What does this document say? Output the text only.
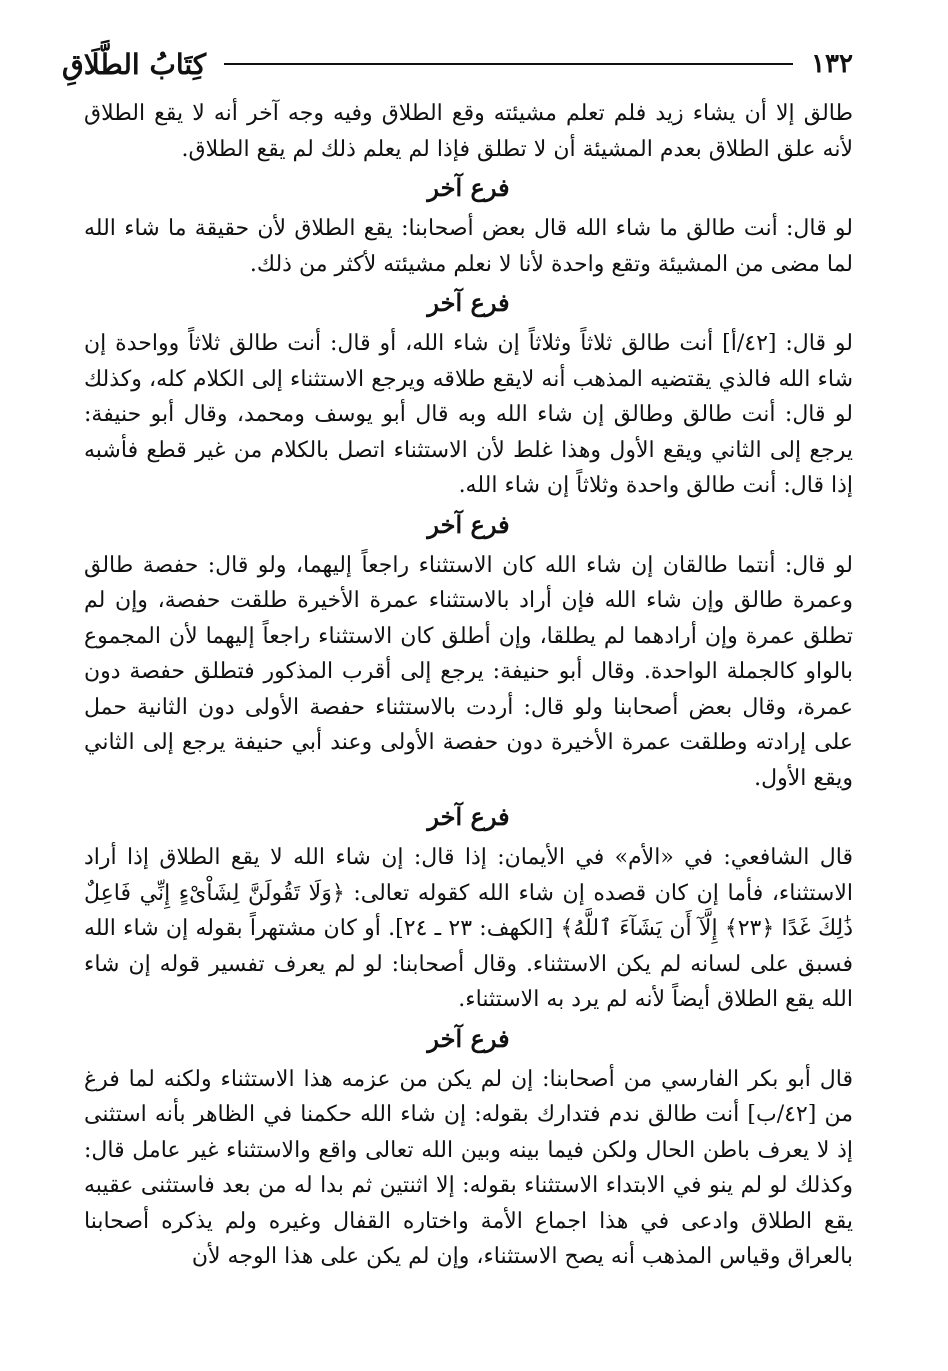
١٣٢
كِتَابُ الطَّلَاقِ

طالق إلا أن يشاء زيد فلم تعلم مشيئته وقع الطلاق وفيه وجه آخر أنه لا يقع الطلاق لأنه علق الطلاق بعدم المشيئة أن لا تطلق فإذا لم يعلم ذلك لم يقع الطلاق.

فرع آخر

لو قال: أنت طالق ما شاء الله قال بعض أصحابنا: يقع الطلاق لأن حقيقة ما شاء الله لما مضى من المشيئة وتقع واحدة لأنا لا نعلم مشيئته لأكثر من ذلك.

فرع آخر

لو قال: [٤٢/أ] أنت طالق ثلاثاً وثلاثاً إن شاء الله، أو قال: أنت طالق ثلاثاً وواحدة إن شاء الله فالذي يقتضيه المذهب أنه لايقع طلاقه ويرجع الاستثناء إلى الكلام كله، وكذلك لو قال: أنت طالق وطالق إن شاء الله وبه قال أبو يوسف ومحمد، وقال أبو حنيفة: يرجع إلى الثاني ويقع الأول وهذا غلط لأن الاستثناء اتصل بالكلام من غير قطع فأشبه إذا قال: أنت طالق واحدة وثلاثاً إن شاء الله.

فرع آخر

لو قال: أنتما طالقان إن شاء الله كان الاستثناء راجعاً إليهما، ولو قال: حفصة طالق وعمرة طالق وإن شاء الله فإن أراد بالاستثناء عمرة الأخيرة طلقت حفصة، وإن لم تطلق عمرة وإن أرادهما لم يطلقا، وإن أطلق كان الاستثناء راجعاً إليهما لأن المجموع بالواو كالجملة الواحدة. وقال أبو حنيفة: يرجع إلى أقرب المذكور فتطلق حفصة دون عمرة، وقال بعض أصحابنا ولو قال: أردت بالاستثناء حفصة الأولى دون الثانية حمل على إرادته وطلقت عمرة الأخيرة دون حفصة الأولى وعند أبي حنيفة يرجع إلى الثاني ويقع الأول.

فرع آخر

قال الشافعي: في «الأم» في الأيمان: إذا قال: إن شاء الله لا يقع الطلاق إذا أراد الاستثناء، فأما إن كان قصده إن شاء الله كقوله تعالى: ﴿وَلَا تَقُولَنَّ لِشَاْىْءٍ إِنِّي فَاعِلٌ ذَٰلِكَ غَدًا ﴿٢٣﴾ إِلَّآ أَن يَشَآءَ ٱللَّهُ﴾ [الكهف: ٢٣ ـ ٢٤]. أو كان مشتهراً بقوله إن شاء الله فسبق على لسانه لم يكن الاستثناء. وقال أصحابنا: لو لم يعرف تفسير قوله إن شاء الله يقع الطلاق أيضاً لأنه لم يرد به الاستثناء.

فرع آخر

قال أبو بكر الفارسي من أصحابنا: إن لم يكن من عزمه هذا الاستثناء ولكنه لما فرغ من [٤٢/ب] أنت طالق ندم فتدارك بقوله: إن شاء الله حكمنا في الظاهر بأنه استثنى إذ لا يعرف باطن الحال ولكن فيما بينه وبين الله تعالى واقع والاستثناء غير عامل قال: وكذلك لو لم ينو في الابتداء الاستثناء بقوله: إلا اثنتين ثم بدا له من بعد فاستثنى عقيبه يقع الطلاق وادعى في هذا اجماع الأمة واختاره القفال وغيره ولم يذكره أصحابنا بالعراق وقياس المذهب أنه يصح الاستثناء، وإن لم يكن على هذا الوجه لأن
